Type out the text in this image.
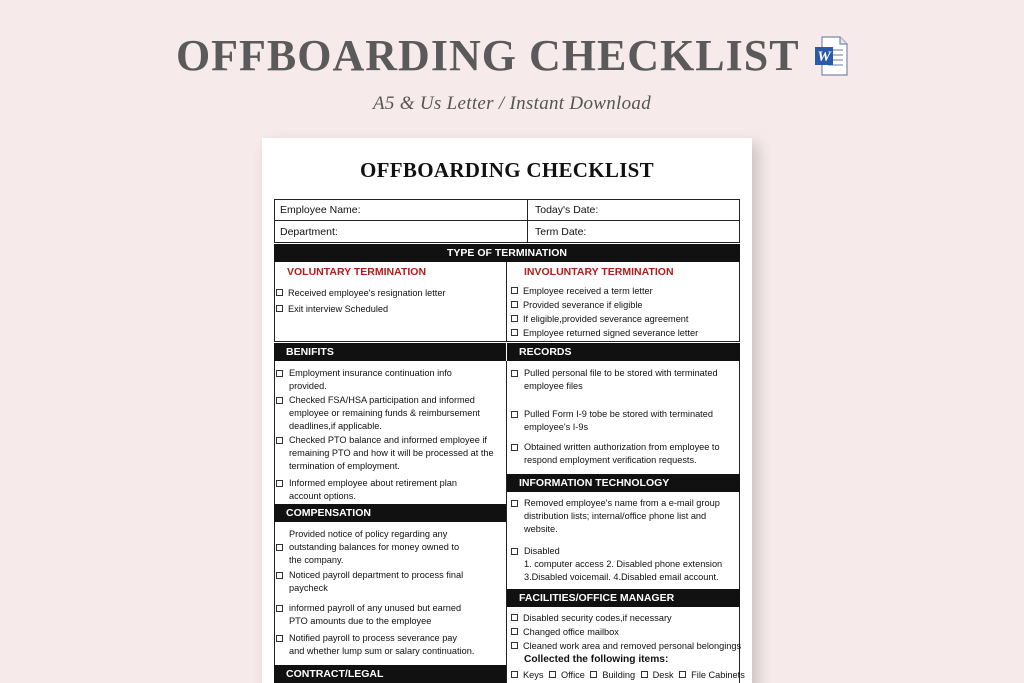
OFFBOARDING CHECKLIST W
A5 & Us Letter / Instant Download
OFFBOARDING CHECKLIST
Employee Name:	Today's Date:
Department:	Term Date:
TYPE OF TERMINATION
VOLUNTARY TERMINATION
Received employee's resignation letter
Exit interview Scheduled
INVOLUNTARY TERMINATION
Employee received a term letter
Provided severance if eligible
If eligible,provided severance agreement
Employee returned signed severance letter
BENIFITS	RECORDS
Employment insurance continuation info
provided.
Checked FSA/HSA participation and informed
employee or remaining funds & reimbursement
deadlines,if applicable.
Checked PTO balance and informed employee if
remaining PTO and how it will be processed at the
termination of employment.
Informed employee about retirement plan
account options.
Pulled personal file to be stored with terminated
employee files
Pulled Form I-9 tobe be stored with terminated
employee's I-9s
Obtained written authorization from employee to
respond employment verification requests.
COMPENSATION
Provided notice of policy regarding any
outstanding balances for money owned to
the company.
Noticed payroll department to process final
paycheck
informed payroll of any unused but earned
PTO amounts due to the employee
Notified payroll to process severance pay
and whether lump sum or salary continuation.
INFORMATION TECHNOLOGY
Removed employee's name from a e-mail group
distribution lists; internal/office phone list and
website.
Disabled
1. computer access 2. Disabled phone extension
3.Disabled voicemail. 4.Disabled email account.
FACILITIES/OFFICE MANAGER
Disabled security codes,if necessary
Changed office mailbox
Cleaned work area and removed personal belongings
Collected the following items:
Keys Office Building Desk File Cabinets
CONTRACT/LEGAL
